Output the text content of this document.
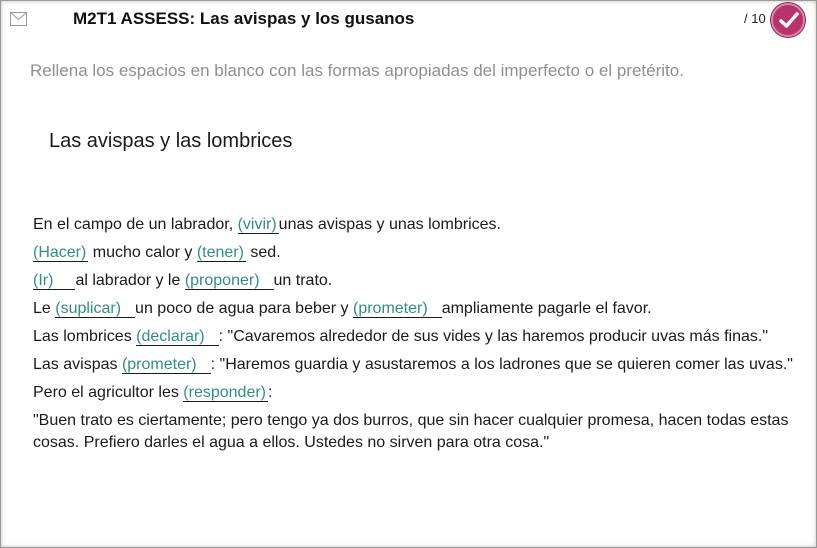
M2T1 ASSESS: Las avispas y los gusanos	/ 10
Rellena los espacios en blanco con las formas apropiadas del imperfecto o el pretérito.
Las avispas y las lombrices

En el campo de un labrador, (vivir) unas avispas y unas lombrices.

(Hacer) mucho calor y (tener) sed.

(Ir) al labrador y le (proponer) un trato.

Le (suplicar) un poco de agua para beber y (prometer) ampliamente pagarle el favor.

Las lombrices (declarar) : "Cavaremos alrededor de sus vides y las haremos producir uvas más finas."

Las avispas (prometer) : "Haremos guardia y asustaremos a los ladrones que se quieren comer las uvas."

Pero el agricultor les (responder) :

"Buen trato es ciertamente; pero tengo ya dos burros, que sin hacer cualquier promesa, hacen todas estas cosas. Prefiero darles el agua a ellos. Ustedes no sirven para otra cosa."
